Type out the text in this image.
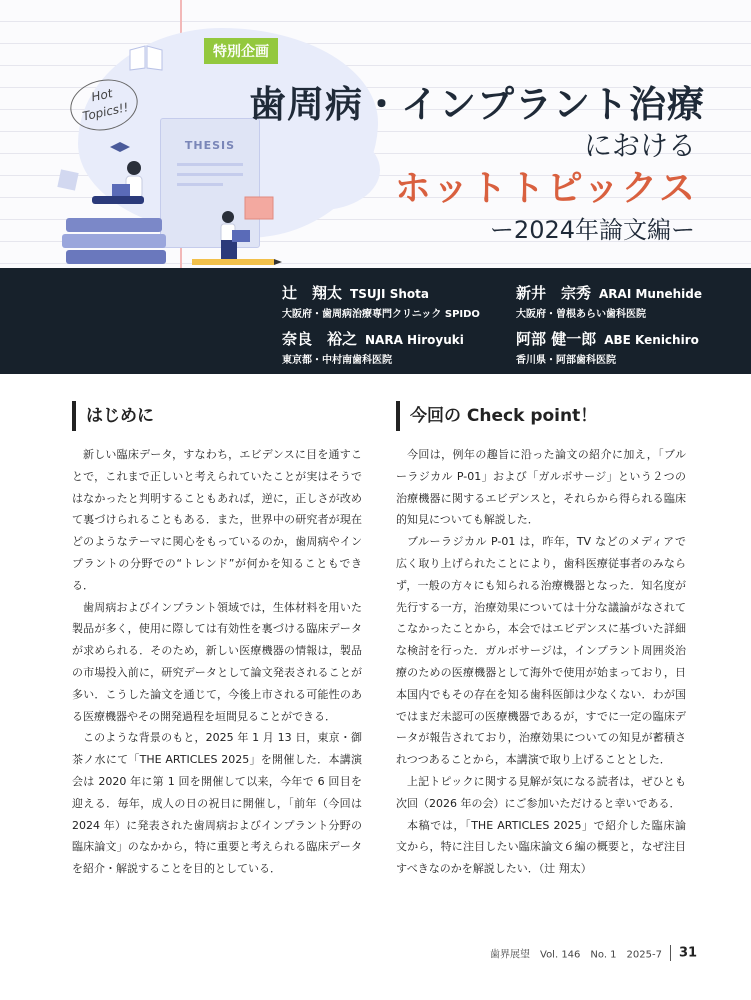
THESIS
特別企画
Hot
Topics!!	歯周病・インプラント治療
における
ホットトピックス
ー2024年論文編ー
辻　翔太 TSUJI Shota
大阪府・歯周病治療専門クリニック SPIDO
新井　宗秀 ARAI Munehide
大阪府・曽根あらい歯科医院
奈良　裕之 NARA Hiroyuki
東京都・中村南歯科医院
阿部 健一郎 ABE Kenichiro
香川県・阿部歯科医院
はじめに	今回の Check point！

新しい臨床データ，すなわち，エビデンスに目を通すことで，これまで正しいと考えられていたことが実はそうではなかったと判明することもあれば，逆に，正しさが改めて裏づけられることもある．また，世界中の研究者が現在どのようなテーマに関心をもっているのか，歯周病やインプラントの分野での“トレンド”が何かを知ることもできる．

歯周病およびインプラント領域では，生体材料を用いた製品が多く，使用に際しては有効性を裏づける臨床データが求められる．そのため，新しい医療機器の情報は，製品の市場投入前に，研究データとして論文発表されることが多い．こうした論文を通じて，今後上市される可能性のある医療機器やその開発過程を垣間見ることができる．

このような背景のもと，2025 年 1 月 13 日，東京・御茶ノ水にて「THE ARTICLES 2025」を開催した．本講演会は 2020 年に第 1 回を開催して以来，今年で 6 回目を迎える．毎年，成人の日の祝日に開催し，「前年（今回は 2024 年）に発表された歯周病およびインプラント分野の臨床論文」のなかから，特に重要と考えられる臨床データを紹介・解説することを目的としている．

今回は，例年の趣旨に沿った論文の紹介に加え，「ブルーラジカル P-01」および「ガルボサージ」という２つの治療機器に関するエビデンスと，それらから得られる臨床的知見についても解説した．

ブルーラジカル P-01 は，昨年，TV などのメディアで広く取り上げられたことにより，歯科医療従事者のみならず，一般の方々にも知られる治療機器となった．知名度が先行する一方，治療効果については十分な議論がなされてこなかったことから，本会ではエビデンスに基づいた詳細な検討を行った．ガルボサージは，インプラント周囲炎治療のための医療機器として海外で使用が始まっており，日本国内でもその存在を知る歯科医師は少なくない．わが国ではまだ未認可の医療機器であるが，すでに一定の臨床データが報告されており，治療効果についての知見が蓄積されつつあることから，本講演で取り上げることとした．

上記トピックに関する見解が気になる読者は，ぜひとも次回（2026 年の会）にご参加いただけると幸いである．

本稿では，「THE ARTICLES 2025」で紹介した臨床論文から，特に注目したい臨床論文６編の概要と，なぜ注目すべきなのかを解説したい．（辻 翔太）

歯界展望　Vol. 146　No. 1　2025-7 31
